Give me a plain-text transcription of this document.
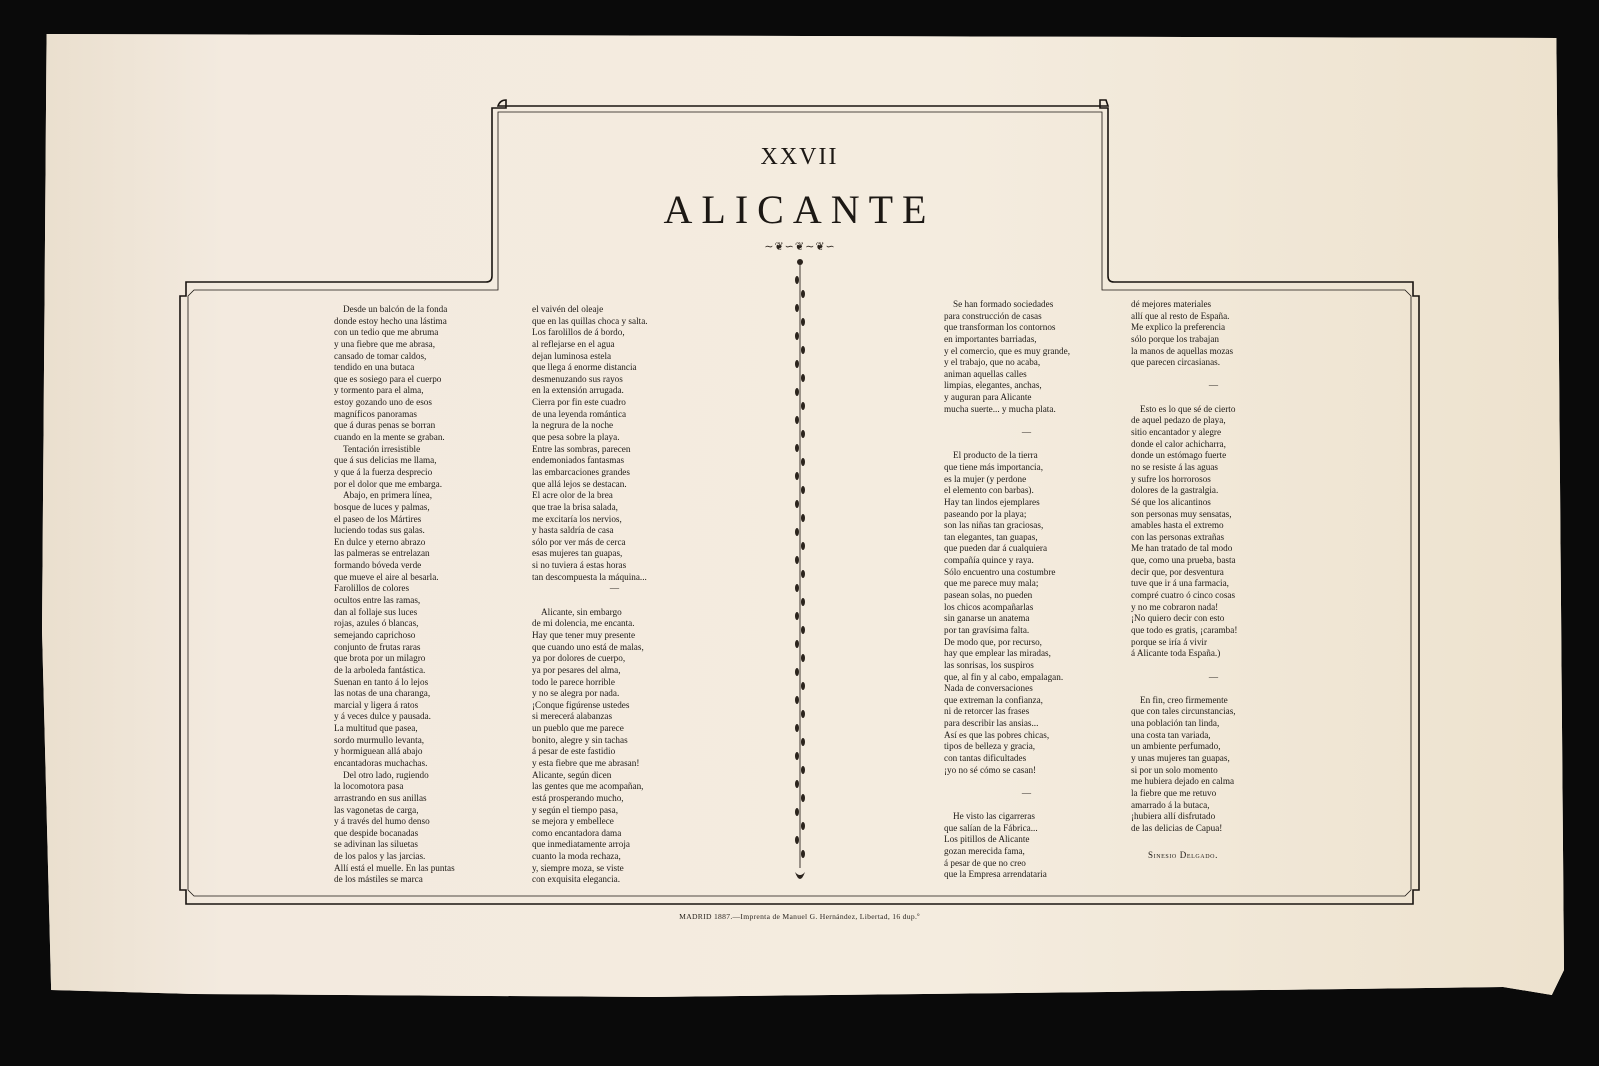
XXVII
ALICANTE
∼❦∽❦∼❦∽
Desde un balcón de la fonda
donde estoy hecho una lástima
con un tedio que me abruma
y una fiebre que me abrasa,
cansado de tomar caldos,
tendido en una butaca
que es sosiego para el cuerpo
y tormento para el alma,
estoy gozando uno de esos
magníficos panoramas
que á duras penas se borran
cuando en la mente se graban.
Tentación irresistible
que á sus delicias me llama,
y que á la fuerza desprecio
por el dolor que me embarga.
Abajo, en primera línea,
bosque de luces y palmas,
el paseo de los Mártires
luciendo todas sus galas.
En dulce y eterno abrazo
las palmeras se entrelazan
formando bóveda verde
que mueve el aire al besarla.
Farolillos de colores
ocultos entre las ramas,
dan al follaje sus luces
rojas, azules ó blancas,
semejando caprichoso
conjunto de frutas raras
que brota por un milagro
de la arboleda fantástica.
Suenan en tanto á lo lejos
las notas de una charanga,
marcial y ligera á ratos
y á veces dulce y pausada.
La multitud que pasea,
sordo murmullo levanta,
y hormiguean allá abajo
encantadoras muchachas.
Del otro lado, rugiendo
la locomotora pasa
arrastrando en sus anillas
las vagonetas de carga,
y á través del humo denso
que despide bocanadas
se adivinan las siluetas
de los palos y las jarcias.
Allí está el muelle. En las puntas
de los mástiles se marca
el vaivén del oleaje
que en las quillas choca y salta.
Los farolillos de á bordo,
al reflejarse en el agua
dejan luminosa estela
que llega á enorme distancia
desmenuzando sus rayos
en la extensión arrugada.
Cierra por fin este cuadro
de una leyenda romántica
la negrura de la noche
que pesa sobre la playa.
Entre las sombras, parecen
endemoniados fantasmas
las embarcaciones grandes
que allá lejos se destacan.
El acre olor de la brea
que trae la brisa salada,
me excitaría los nervios,
y hasta saldría de casa
sólo por ver más de cerca
esas mujeres tan guapas,
si no tuviera á estas horas
tan descompuesta la máquina...
—
Alicante, sin embargo
de mi dolencia, me encanta.
Hay que tener muy presente
que cuando uno está de malas,
ya por dolores de cuerpo,
ya por pesares del alma,
todo le parece horrible
y no se alegra por nada.
¡Conque figúrense ustedes
si merecerá alabanzas
un pueblo que me parece
bonito, alegre y sin tachas
á pesar de este fastidio
y esta fiebre que me abrasan!
Alicante, según dicen
las gentes que me acompañan,
está prosperando mucho,
y según el tiempo pasa,
se mejora y embellece
como encantadora dama
que inmediatamente arroja
cuanto la moda rechaza,
y, siempre moza, se viste
con exquisita elegancia.
Se han formado sociedades
para construcción de casas
que transforman los contornos
en importantes barriadas,
y el comercio, que es muy grande,
y el trabajo, que no acaba,
animan aquellas calles
limpias, elegantes, anchas,
y auguran para Alicante
mucha suerte... y mucha plata.
—
El producto de la tierra
que tiene más importancia,
es la mujer (y perdone
el elemento con barbas).
Hay tan lindos ejemplares
paseando por la playa;
son las niñas tan graciosas,
tan elegantes, tan guapas,
que pueden dar á cualquiera
compañía quince y raya.
Sólo encuentro una costumbre
que me parece muy mala;
pasean solas, no pueden
los chicos acompañarlas
sin ganarse un anatema
por tan gravísima falta.
De modo que, por recurso,
hay que emplear las miradas,
las sonrisas, los suspiros
que, al fin y al cabo, empalagan.
Nada de conversaciones
que extreman la confianza,
ni de retorcer las frases
para describir las ansias...
Así es que las pobres chicas,
tipos de belleza y gracia,
con tantas dificultades
¡yo no sé cómo se casan!
—
He visto las cigarreras
que salían de la Fábrica...
Los pitillos de Alicante
gozan merecida fama,
á pesar de que no creo
que la Empresa arrendataria
dé mejores materiales
allí que al resto de España.
Me explico la preferencia
sólo porque los trabajan
la manos de aquellas mozas
que parecen circasianas.
—
Esto es lo que sé de cierto
de aquel pedazo de playa,
sitio encantador y alegre
donde el calor achicharra,
donde un estómago fuerte
no se resiste á las aguas
y sufre los horrorosos
dolores de la gastralgia.
Sé que los alicantinos
son personas muy sensatas,
amables hasta el extremo
con las personas extrañas
Me han tratado de tal modo
que, como una prueba, basta
decir que, por desventura
tuve que ir á una farmacia,
compré cuatro ó cinco cosas
y no me cobraron nada!
¡No quiero decir con esto
que todo es gratis, ¡caramba!
porque se iría á vivir
á Alicante toda España.)
—
En fin, creo firmemente
que con tales circunstancias,
una población tan linda,
una costa tan variada,
un ambiente perfumado,
y unas mujeres tan guapas,
si por un solo momento
me hubiera dejado en calma
la fiebre que me retuvo
amarrado á la butaca,
¡hubiera allí disfrutado
de las delicias de Capua!
Sinesio Delgado.
MADRID 1887.—Imprenta de Manuel G. Hernández, Libertad, 16 dup.º
